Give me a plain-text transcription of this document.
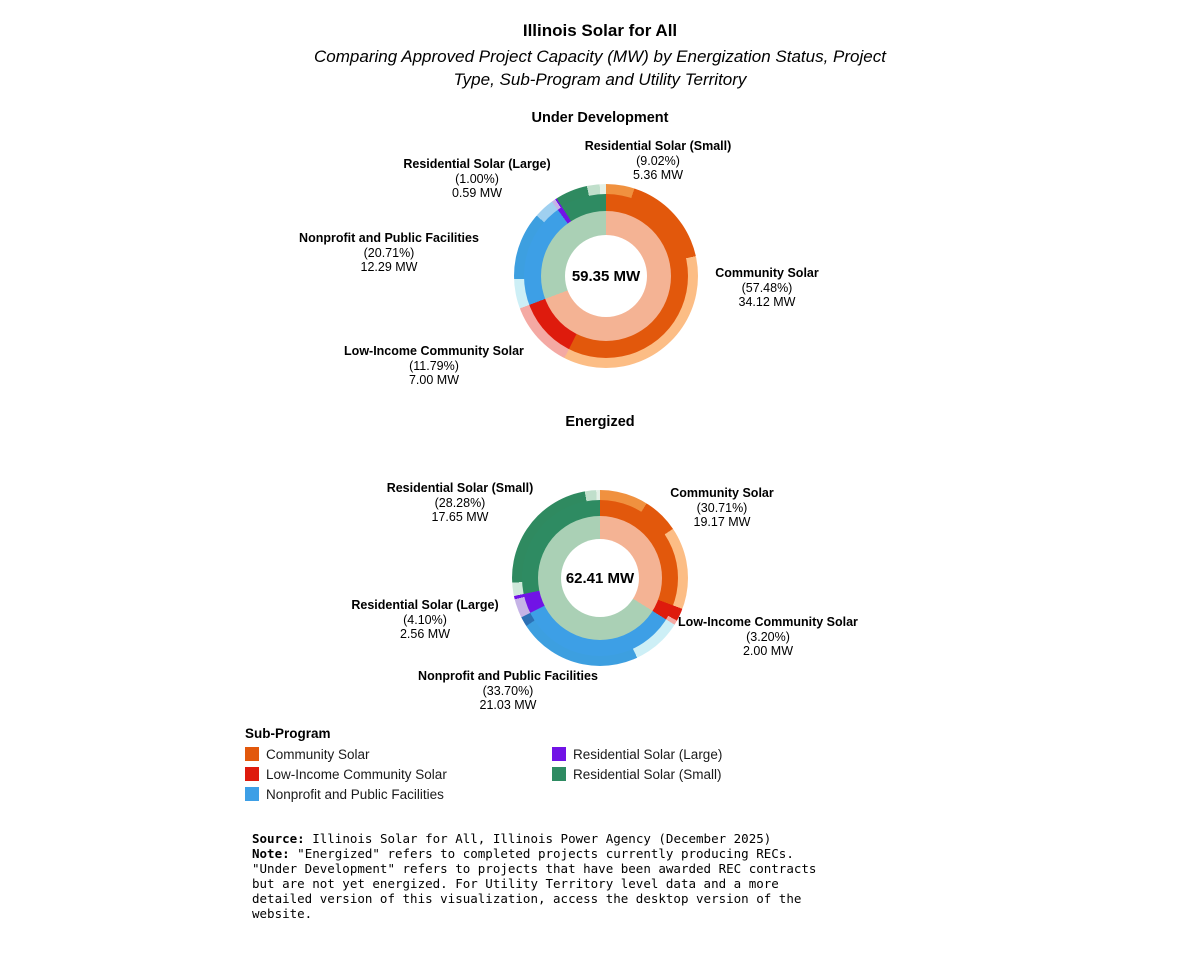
Illinois Solar for All
Comparing Approved Project Capacity (MW) by Energization Status, Project
Type, Sub-Program and Utility Territory
Under Development
59.35 MW	Community Solar
(57.48%)
34.12 MW
Low-Income Community Solar
(11.79%)
7.00 MW
Nonprofit and Public Facilities
(20.71%)
12.29 MW
Residential Solar (Large)
(1.00%)
0.59 MW
Residential Solar (Small)
(9.02%)
5.36 MW
Energized
62.41 MW
Community Solar
(30.71%)
19.17 MW
Low-Income Community Solar
(3.20%)
2.00 MW
Nonprofit and Public Facilities
(33.70%)
21.03 MW
Residential Solar (Large)
(4.10%)
2.56 MW
Residential Solar (Small)
(28.28%)
17.65 MW
Sub-Program
Community Solar
Low-Income Community Solar
Nonprofit and Public Facilities
Residential Solar (Large)
Residential Solar (Small)
Source: Illinois Solar for All, Illinois Power Agency (December 2025)
Note: "Energized" refers to completed projects currently producing RECs.
"Under Development" refers to projects that have been awarded REC contracts
but are not yet energized. For Utility Territory level data and a more
detailed version of this visualization, access the desktop version of the
website.
